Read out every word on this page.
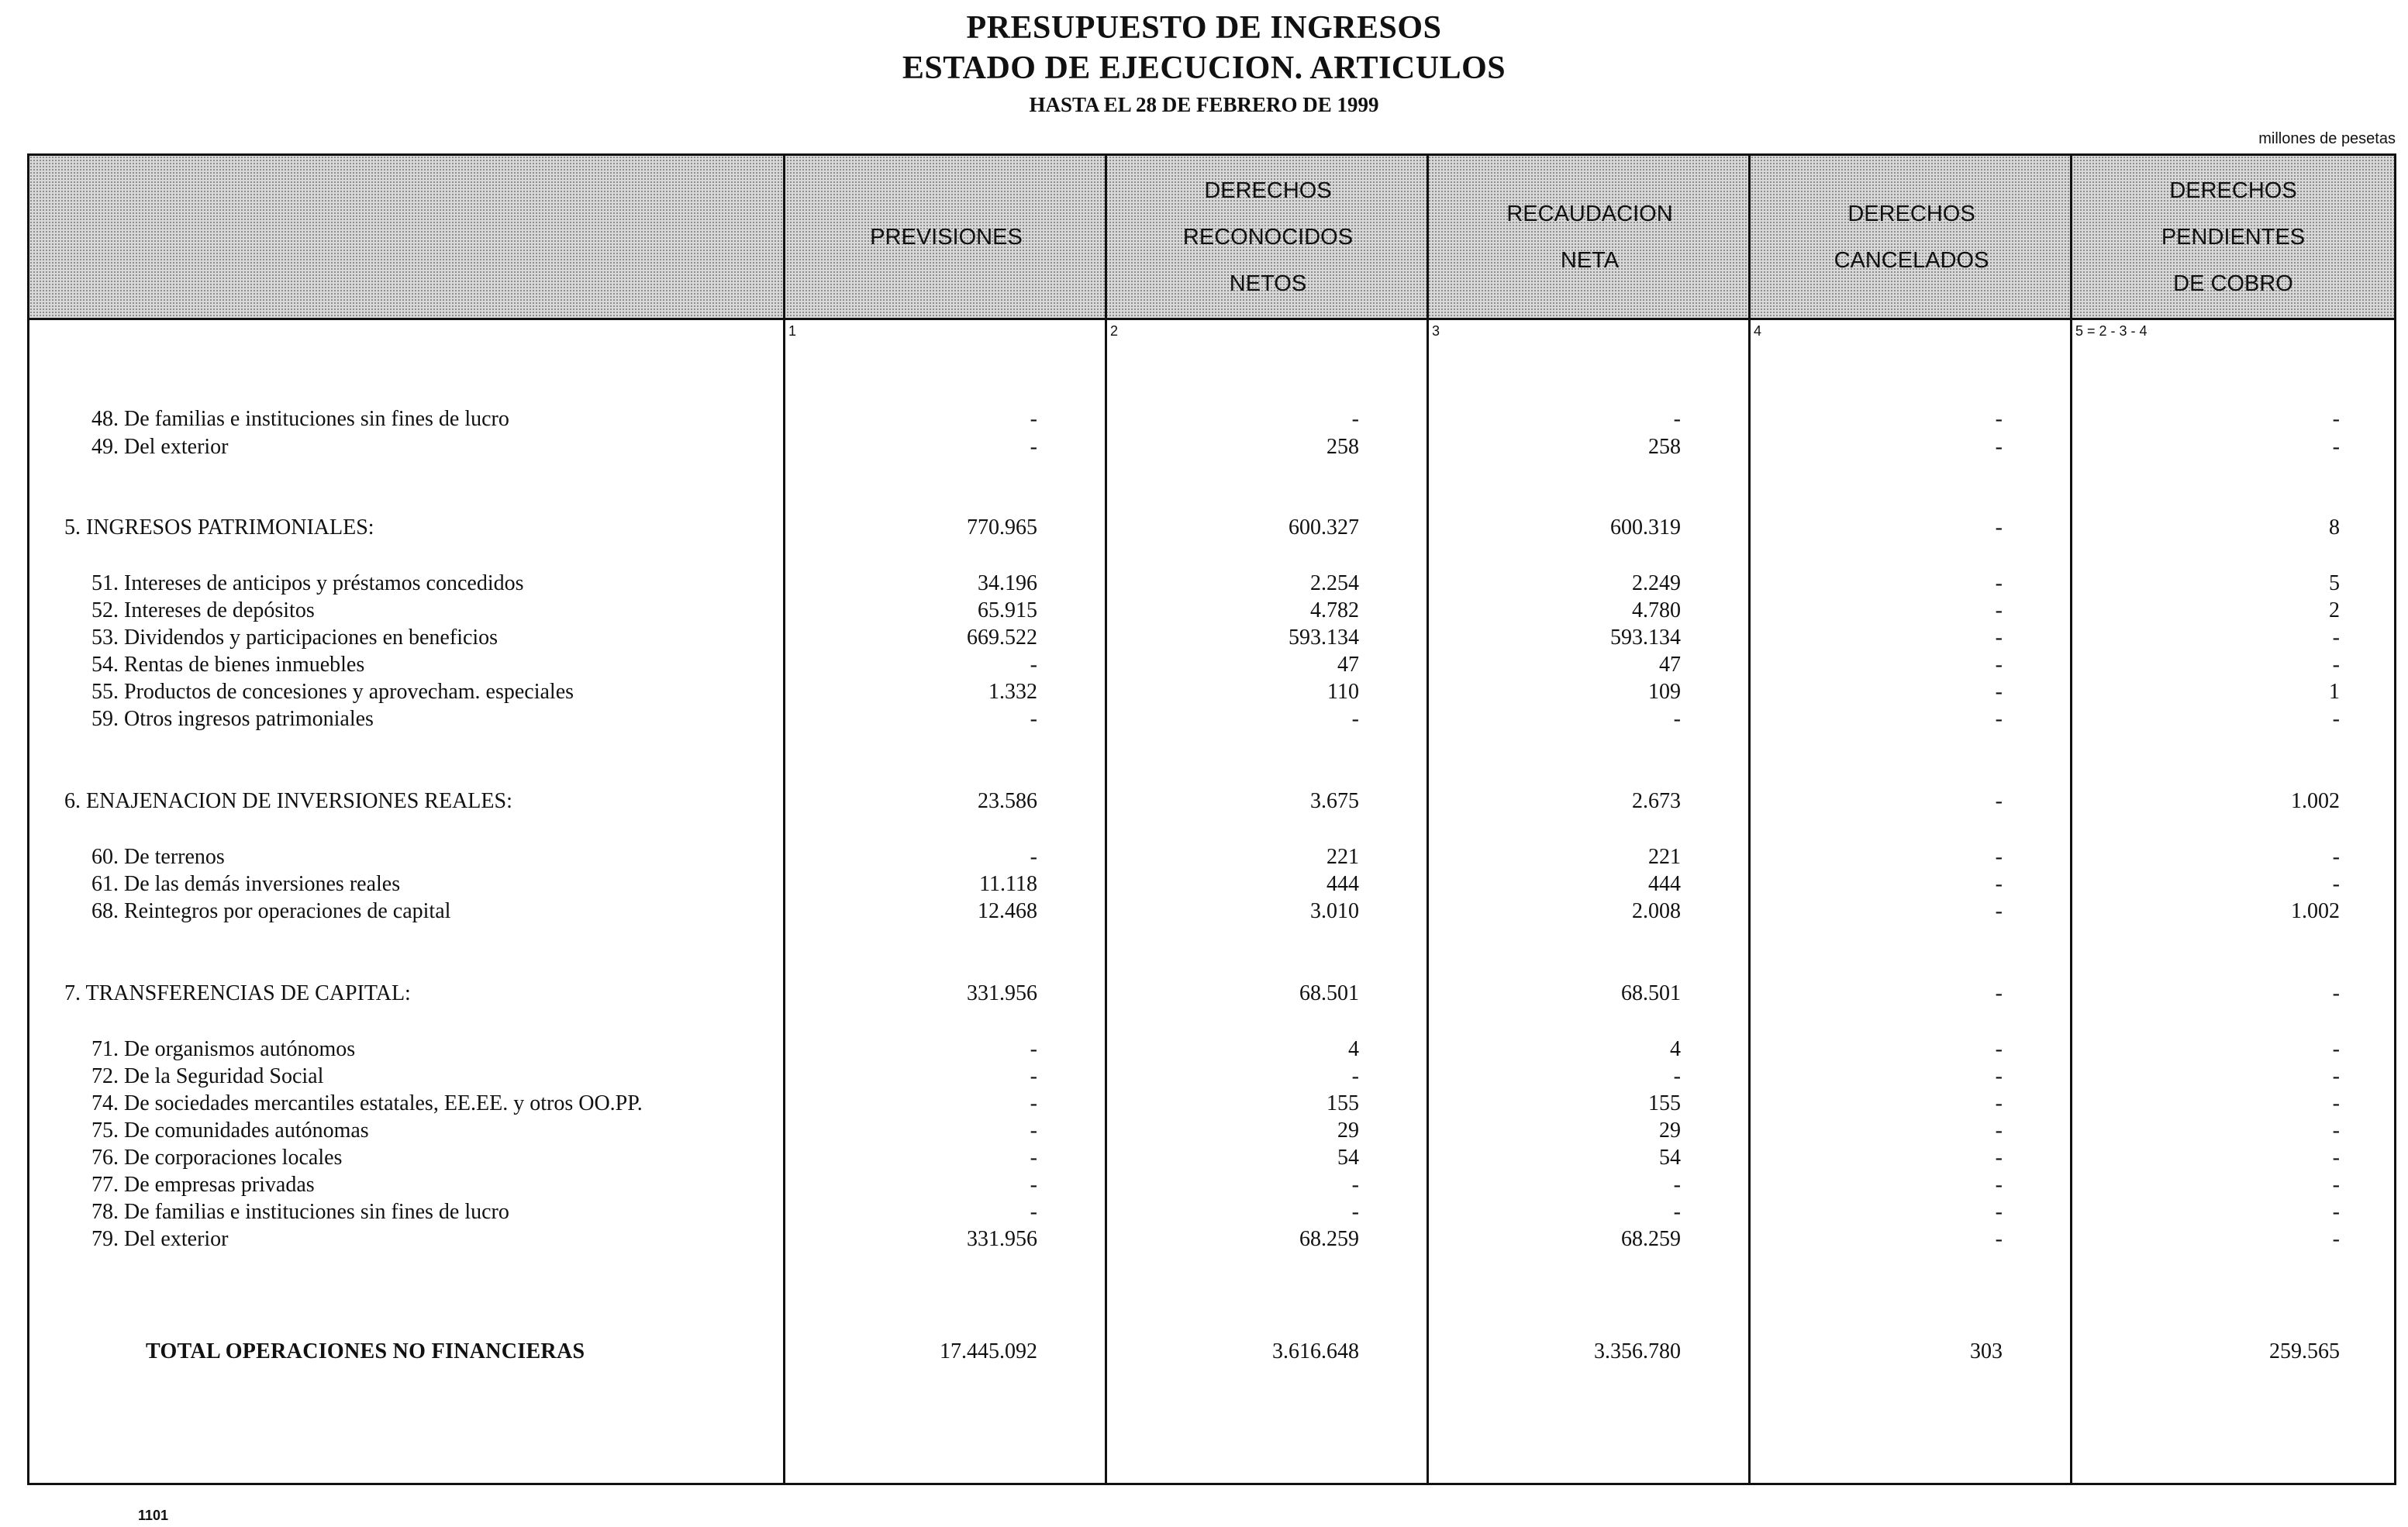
PRESUPUESTO DE INGRESOS
ESTADO DE EJECUCION. ARTICULOS
HASTA EL 28 DE FEBRERO DE 1999
millones de pesetas
PREVISIONES
1
DERECHOS
RECONOCIDOS
NETOS
2
RECAUDACION
NETA
3
DERECHOS
CANCELADOS
4
DERECHOS
PENDIENTES
DE COBRO
5 = 2 - 3 - 4
48. De familias e instituciones sin fines de lucro	-	-	-	-	-
49. Del exterior	-	258	258	-	-
5. INGRESOS PATRIMONIALES:	770.965	600.327	600.319	-	8
51. Intereses de anticipos y préstamos concedidos	34.196	2.254	2.249	-	5
52. Intereses de depósitos	65.915	4.782	4.780	-	2
53. Dividendos y participaciones en beneficios	669.522	593.134	593.134	-	-
54. Rentas de bienes inmuebles	-	47	47	-	-
55. Productos de concesiones y aprovecham. especiales	1.332	110	109	-	1
59. Otros ingresos patrimoniales	-	-	-	-	-
6. ENAJENACION DE INVERSIONES REALES:	23.586	3.675	2.673	-	1.002
60. De terrenos	-	221	221	-	-
61. De las demás inversiones reales	11.118	444	444	-	-
68. Reintegros por operaciones de capital	12.468	3.010	2.008	-	1.002
7. TRANSFERENCIAS DE CAPITAL:	331.956	68.501	68.501	-	-
71. De organismos autónomos	-	4	4	-	-
72. De la Seguridad Social	-	-	-	-	-
74. De sociedades mercantiles estatales, EE.EE. y otros OO.PP.	-	155	155	-	-
75. De comunidades autónomas	-	29	29	-	-
76. De corporaciones locales	-	54	54	-	-
77. De empresas privadas	-	-	-	-	-
78. De familias e instituciones sin fines de lucro	-	-	-	-	-
79. Del exterior	331.956	68.259	68.259	-	-
TOTAL OPERACIONES NO FINANCIERAS	17.445.092	3.616.648	3.356.780	303	259.565
1101
